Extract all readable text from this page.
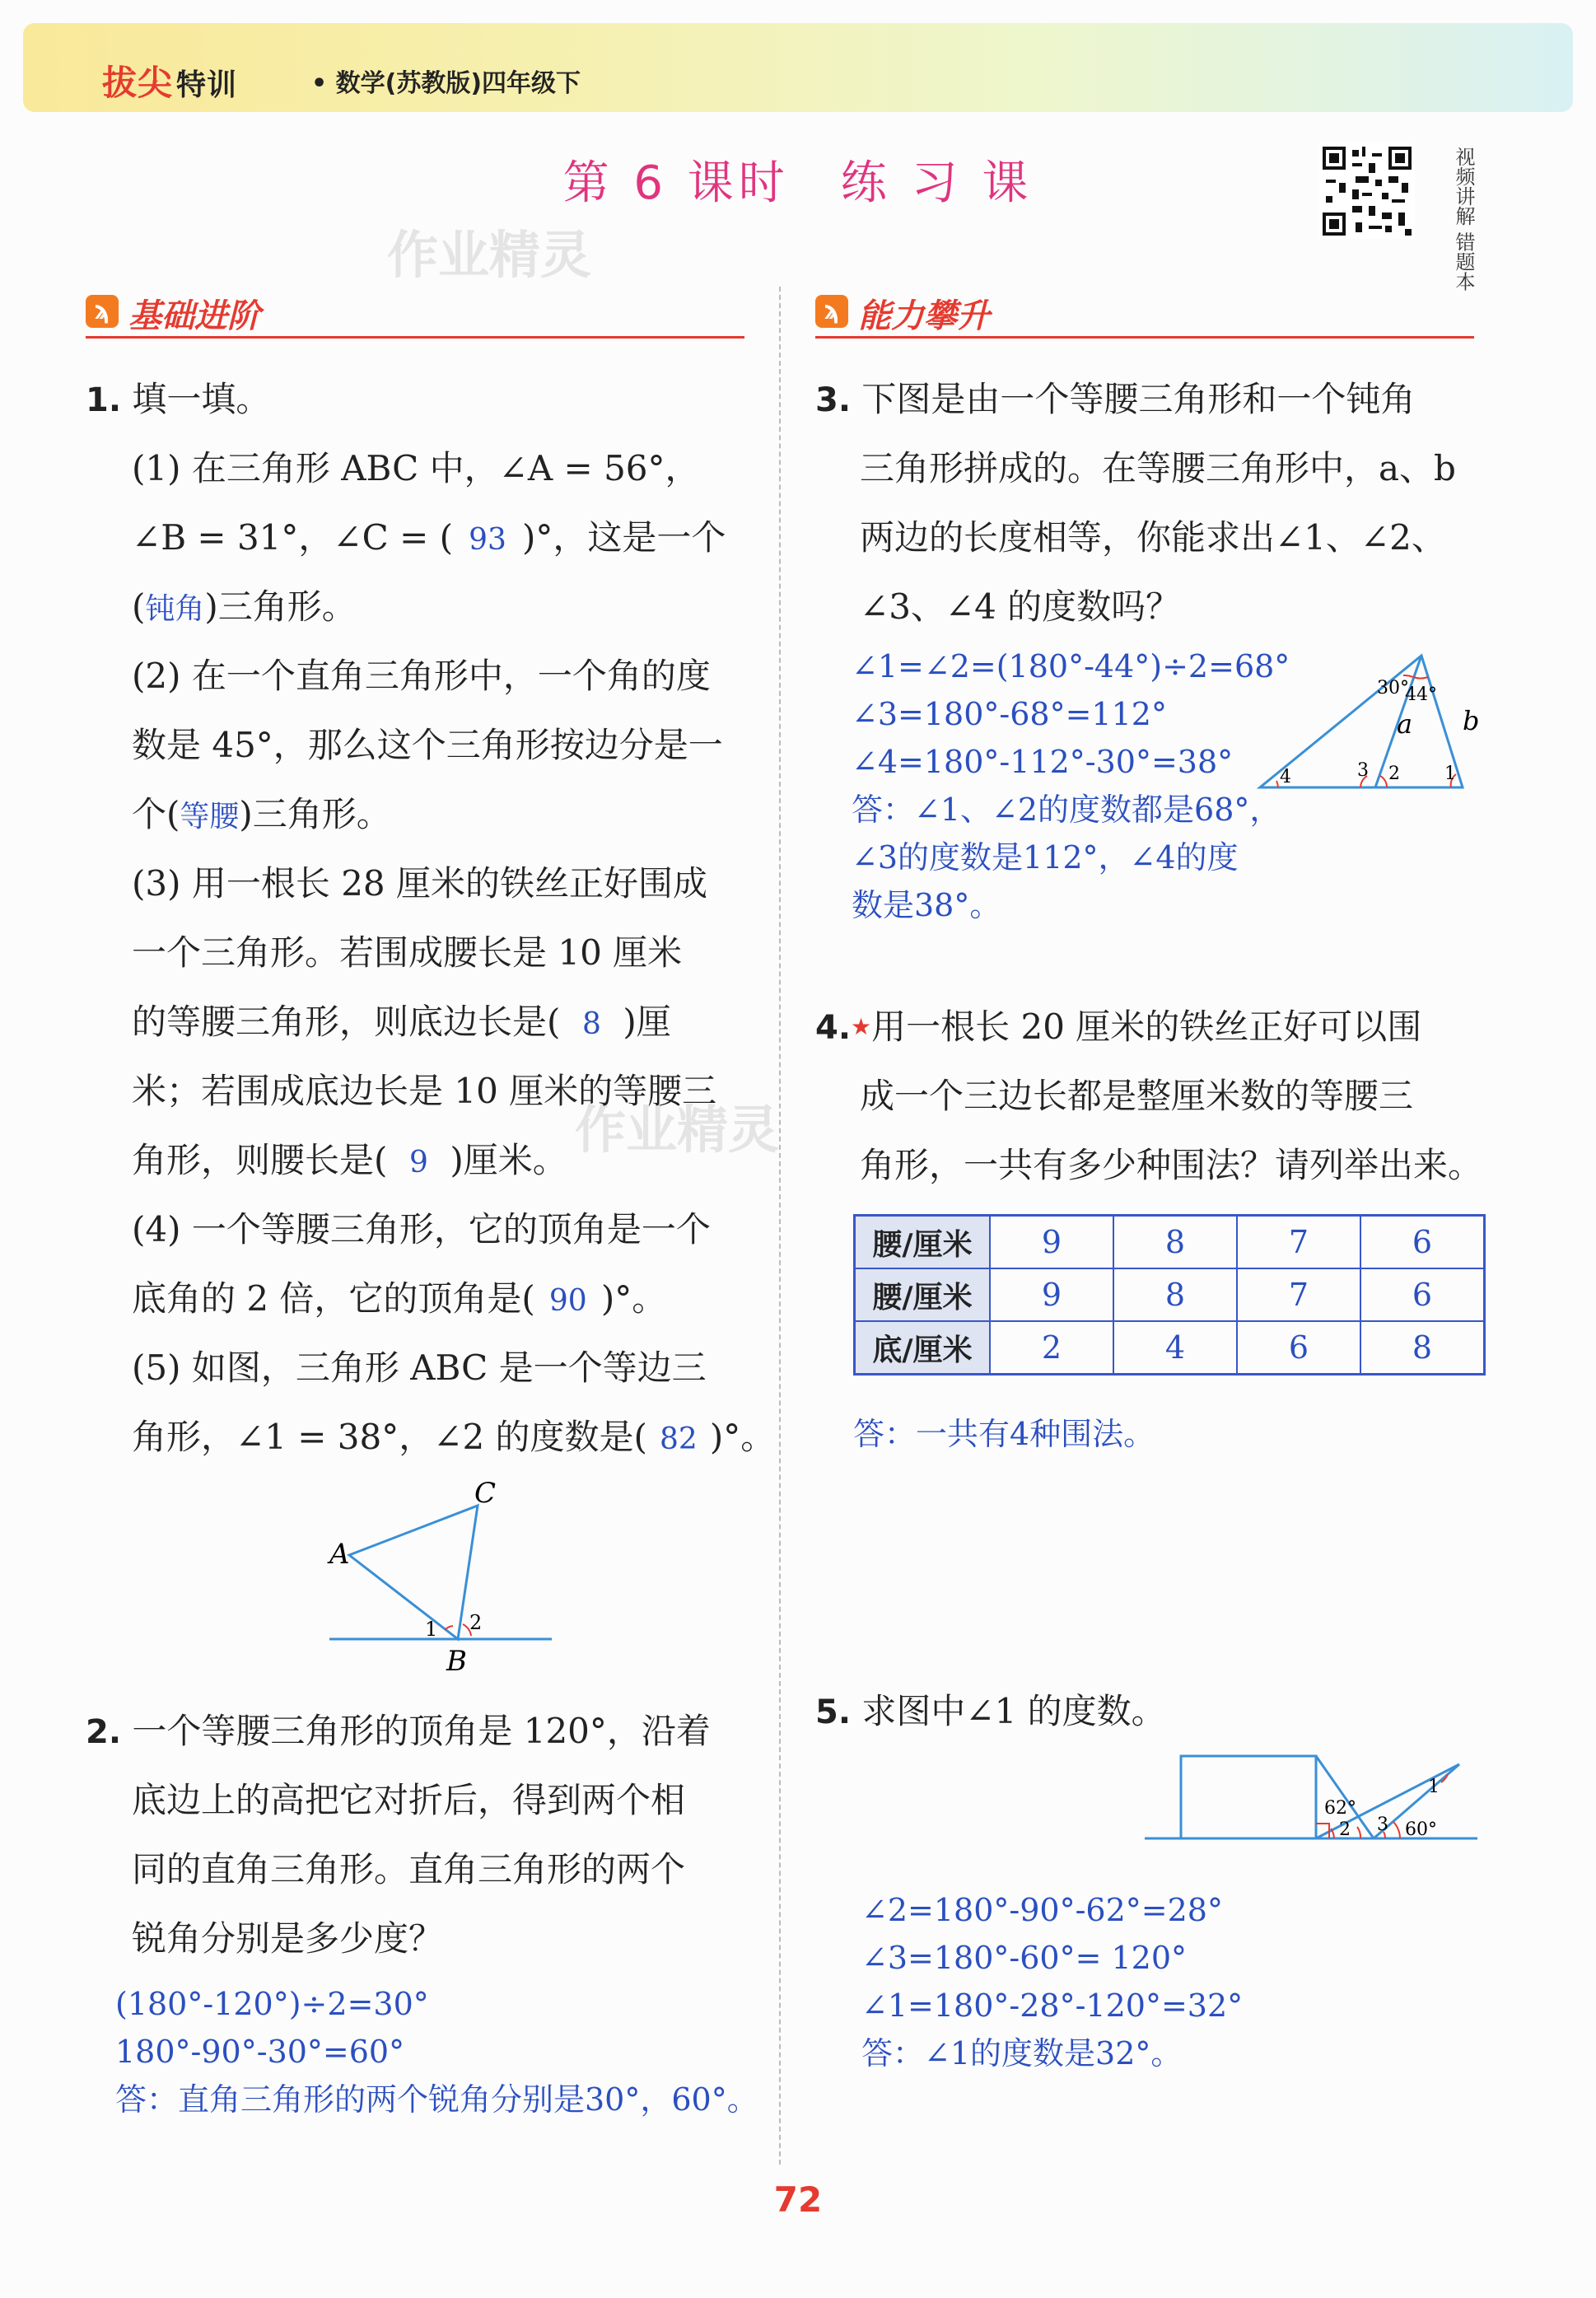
拔尖 特训	• 数学(苏教版)四年级下
第 6 课时　练 习 课
作业精灵
作业精灵
视频讲解 错题本
ϡ 基础进阶	ϡ 能力攀升
1. 填一填。
(1) 在三角形 ABC 中，∠A = 56°，
∠B = 31°，∠C = ( 93 )°，这是一个
(钝角)三角形。
(2) 在一个直角三角形中，一个角的度
数是 45°，那么这个三角形按边分是一
个(等腰)三角形。
(3) 用一根长 28 厘米的铁丝正好围成
一个三角形。若围成腰长是 10 厘米
的等腰三角形，则底边长是( 8 )厘
米；若围成底边长是 10 厘米的等腰三
角形，则腰长是( 9 )厘米。
(4) 一个等腰三角形，它的顶角是一个
底角的 2 倍，它的顶角是( 90 )°。
(5) 如图，三角形 ABC 是一个等边三
角形，∠1 = 38°，∠2 的度数是( 82 )°。
A
C
B
1 2
2. 一个等腰三角形的顶角是 120°，沿着
底边上的高把它对折后，得到两个相
同的直角三角形。直角三角形的两个
锐角分别是多少度？
(180°-120°)÷2=30°
180°-90°-30°=60°
答：直角三角形的两个锐角分别是30°，60°。
3. 下图是由一个等腰三角形和一个钝角
三角形拼成的。在等腰三角形中，a、b
两边的长度相等，你能求出∠1、∠2、
∠3、∠4 的度数吗？
∠1=∠2=(180°-44°)÷2=68°
∠3=180°-68°=112°
∠4=180°-112°-30°=38°
答：∠1、∠2的度数都是68°，
∠3的度数是112°，∠4的度
数是38°。
30°
44°
a b
1
2
3
4
4.★用一根长 20 厘米的铁丝正好可以围
成一个三边长都是整厘米数的等腰三
角形，一共有多少种围法？请列举出来。
腰/厘米	9	8	7	6
腰/厘米	9	8	7	6
底/厘米	2	4	6	8
答：一共有4种围法。
5. 求图中∠1 的度数。
62°
2 3
1
60°
∠2=180°-90°-62°=28°
∠3=180°-60°= 120°
∠1=180°-28°-120°=32°
答：∠1的度数是32°。
72
